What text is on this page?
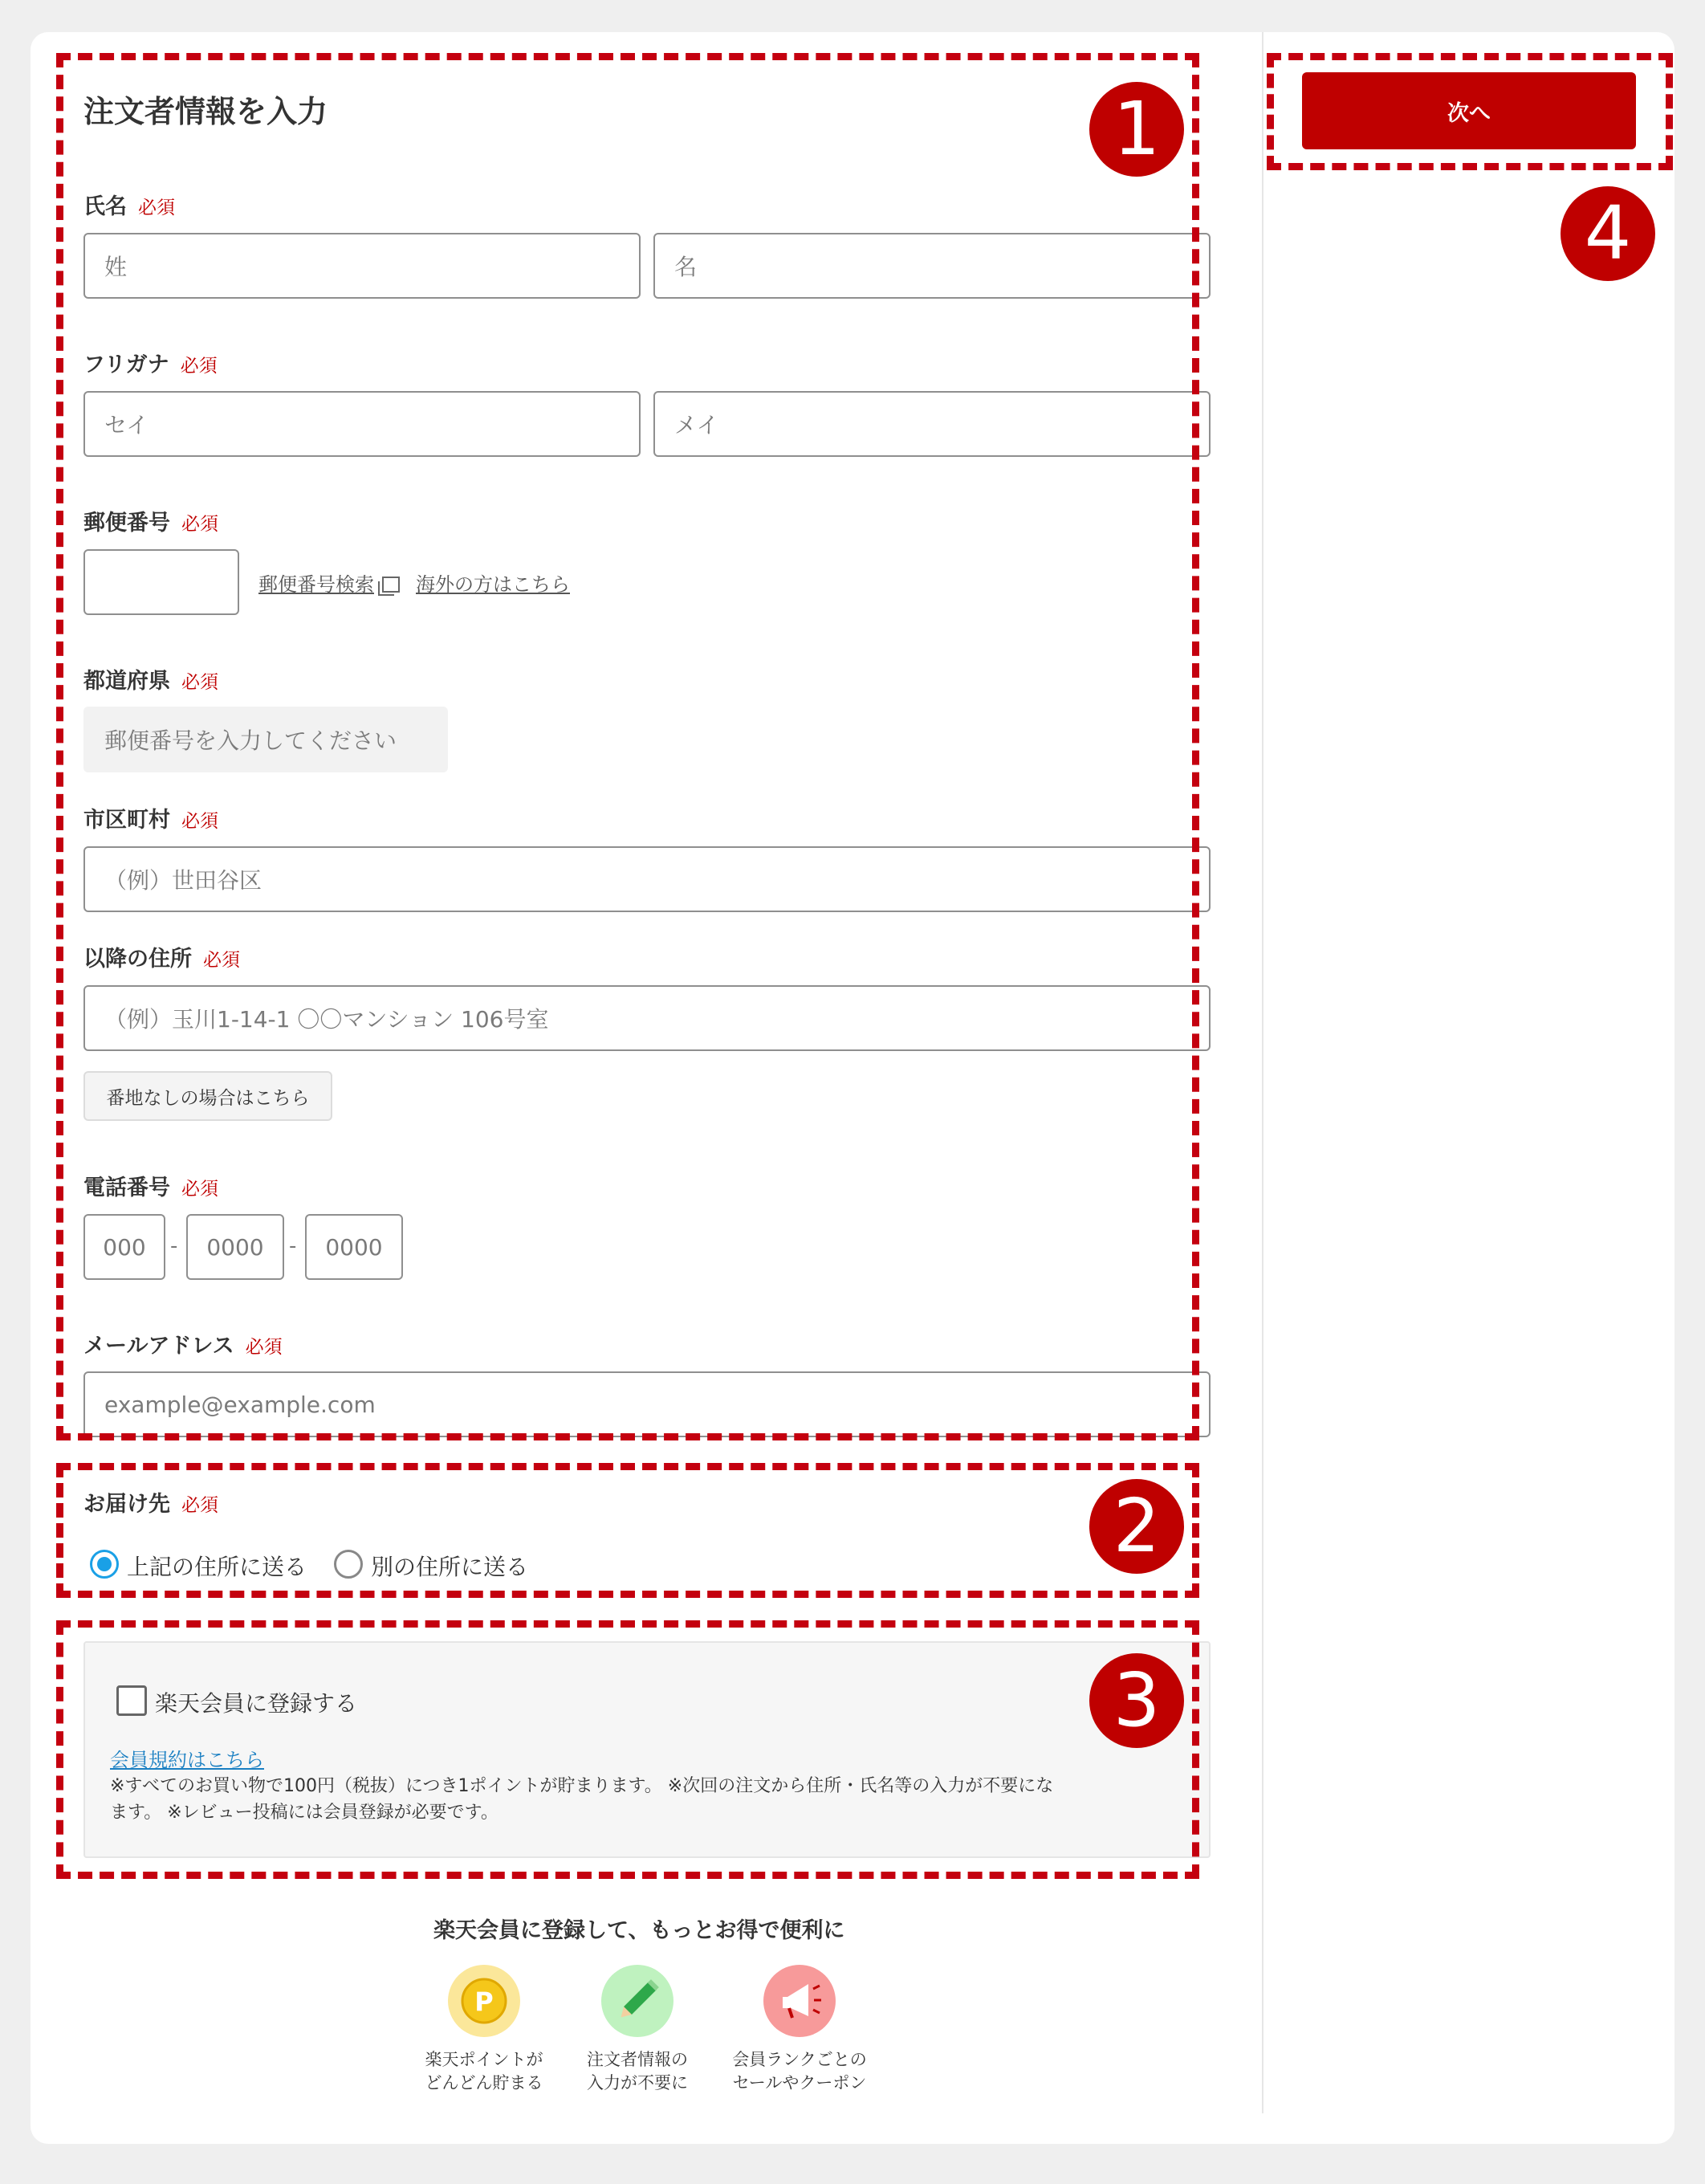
注文者情報を入力
氏名 必須
姓	名
フリガナ 必須
セイ	メイ
郵便番号 必須
郵便番号検索	海外の方はこちら
都道府県 必須
郵便番号を入力してください
市区町村 必須
（例）世田谷区
以降の住所 必須
（例）玉川1-14-1 〇〇マンション 106号室
番地なしの場合はこちら
電話番号 必須
000	-	0000	-	0000
メールアドレス 必須
example@example.com
お届け先 必須
上記の住所に送る	別の住所に送る
楽天会員に登録する
会員規約はこちら
※すべてのお買い物で100円（税抜）につき1ポイントが貯まります。 ※次回の注文から住所・氏名等の入力が不要にな
ます。 ※レビュー投稿には会員登録が必要です。
楽天会員に登録して、もっとお得で便利に
P
楽天ポイントが
どんどん貯まる
注文者情報の
入力が不要に
会員ランクごとの
セールやクーポン
次へ
1
2
3
4
